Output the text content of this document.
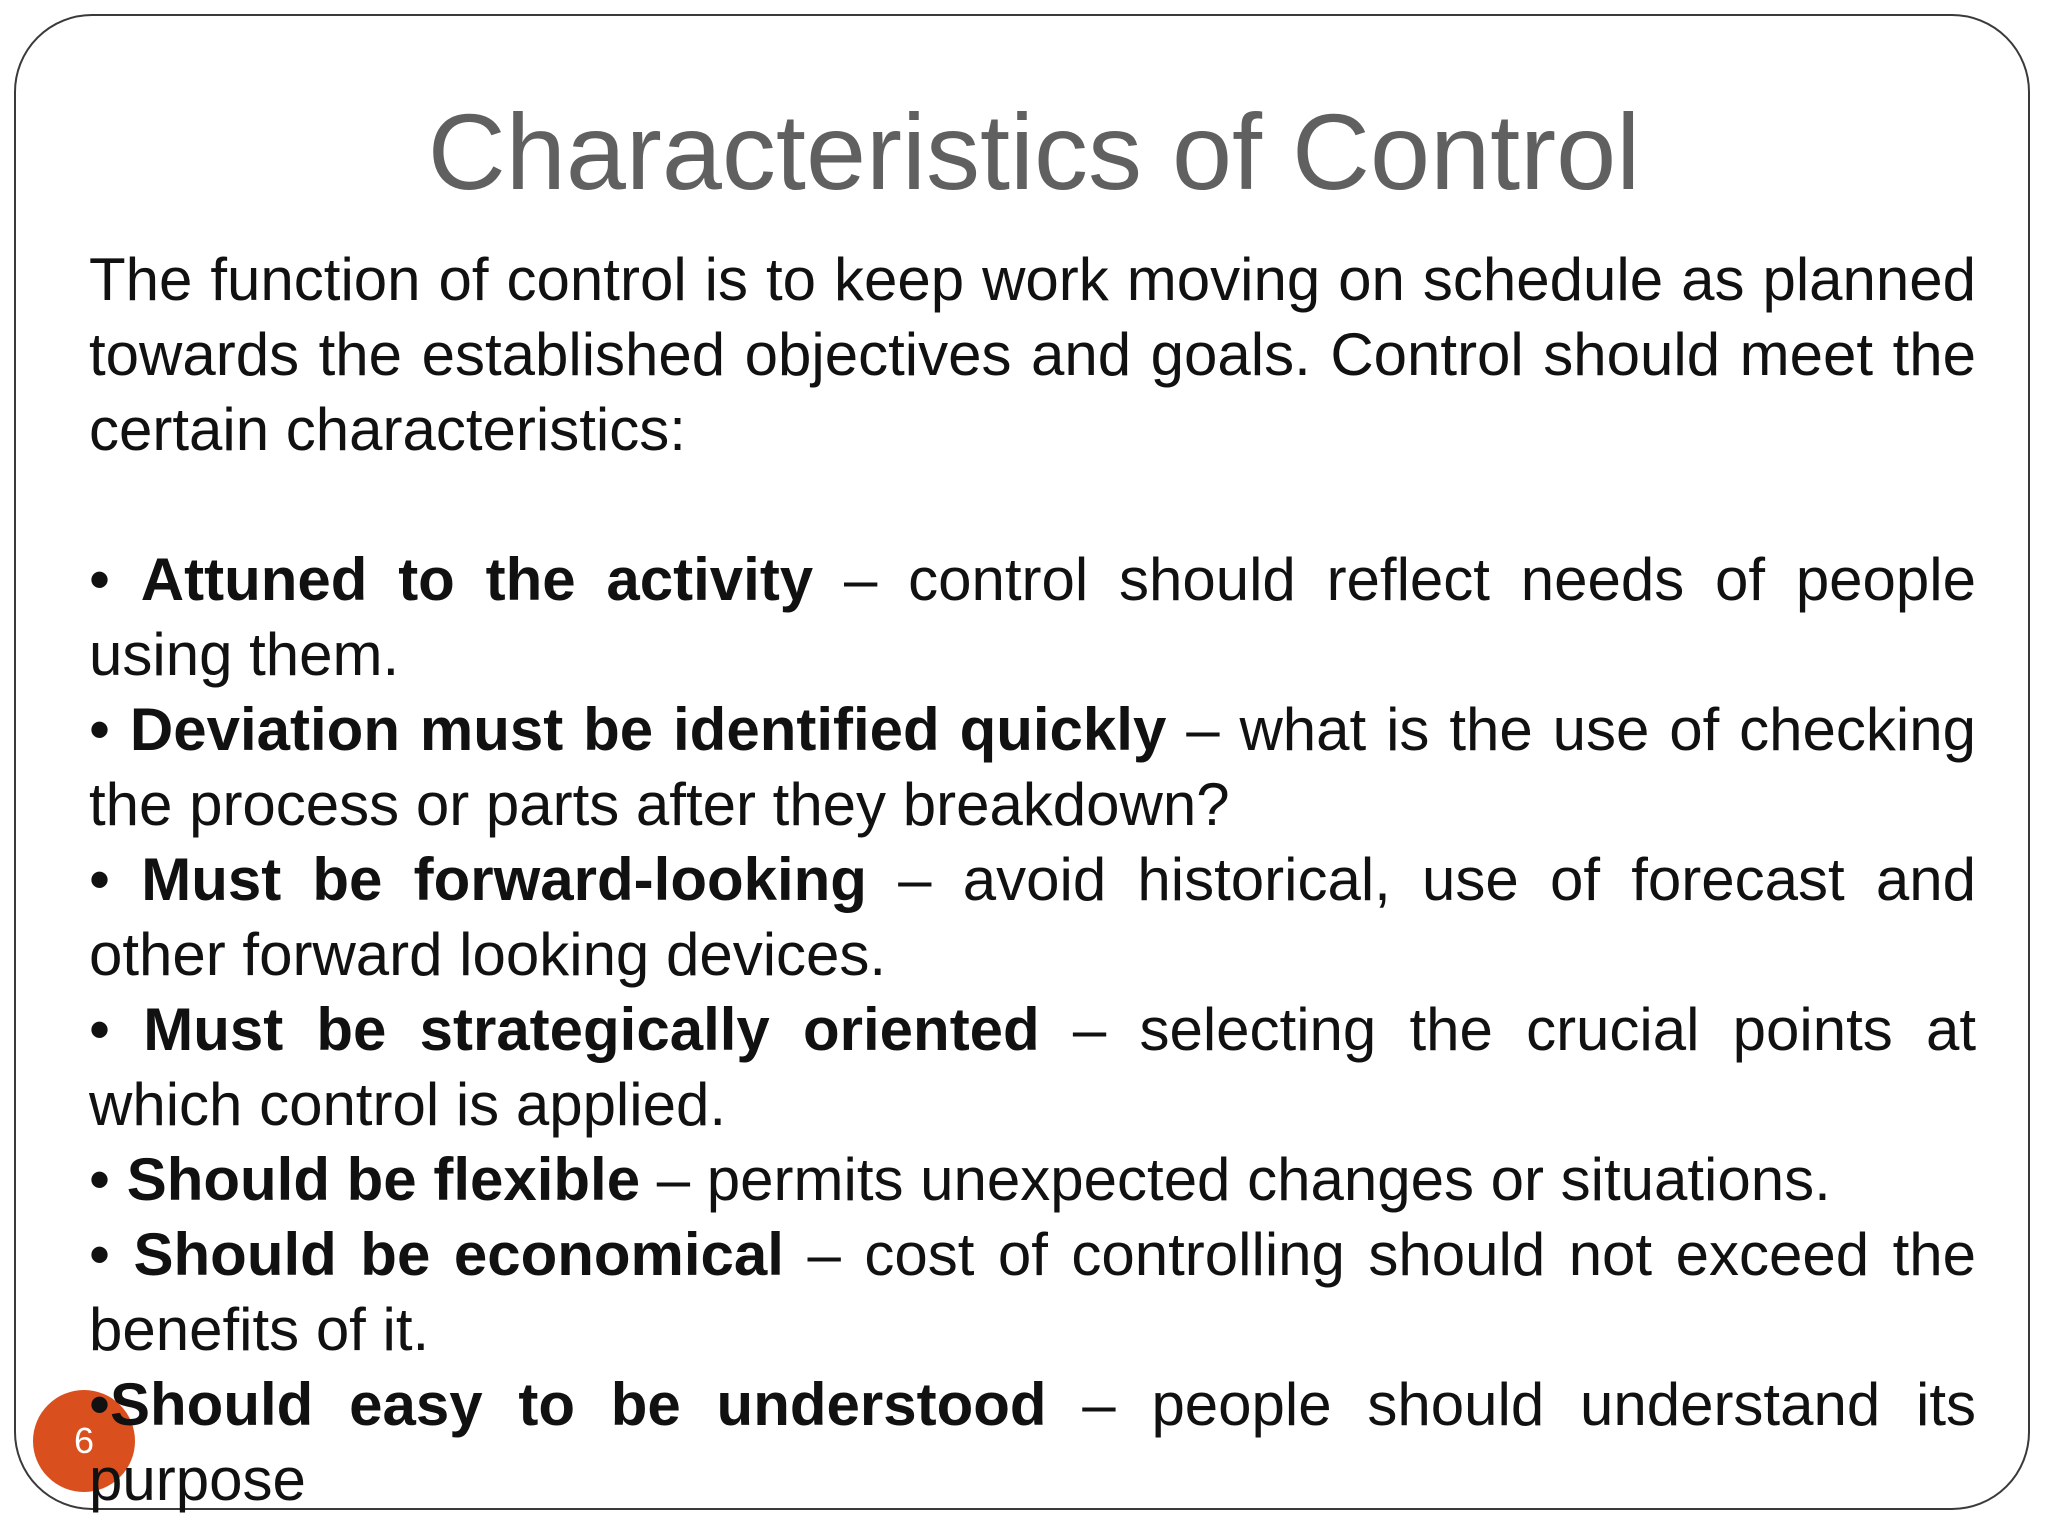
Characteristics of Control
6

The function of control is to keep work moving on schedule as planned towards the established objectives and goals. Control should meet the certain characteristics:

• Attuned to the activity – control should reflect needs of people using them.

• Deviation must be identified quickly – what is the use of checking the process or parts after they breakdown?

• Must be forward-looking – avoid historical, use of forecast and other forward looking devices.

• Must be strategically oriented – selecting the crucial points at which control is applied.

• Should be flexible – permits unexpected changes or situations.

• Should be economical – cost of controlling should not exceed the benefits of it.

•Should easy to be understood – people should understand its purpose
